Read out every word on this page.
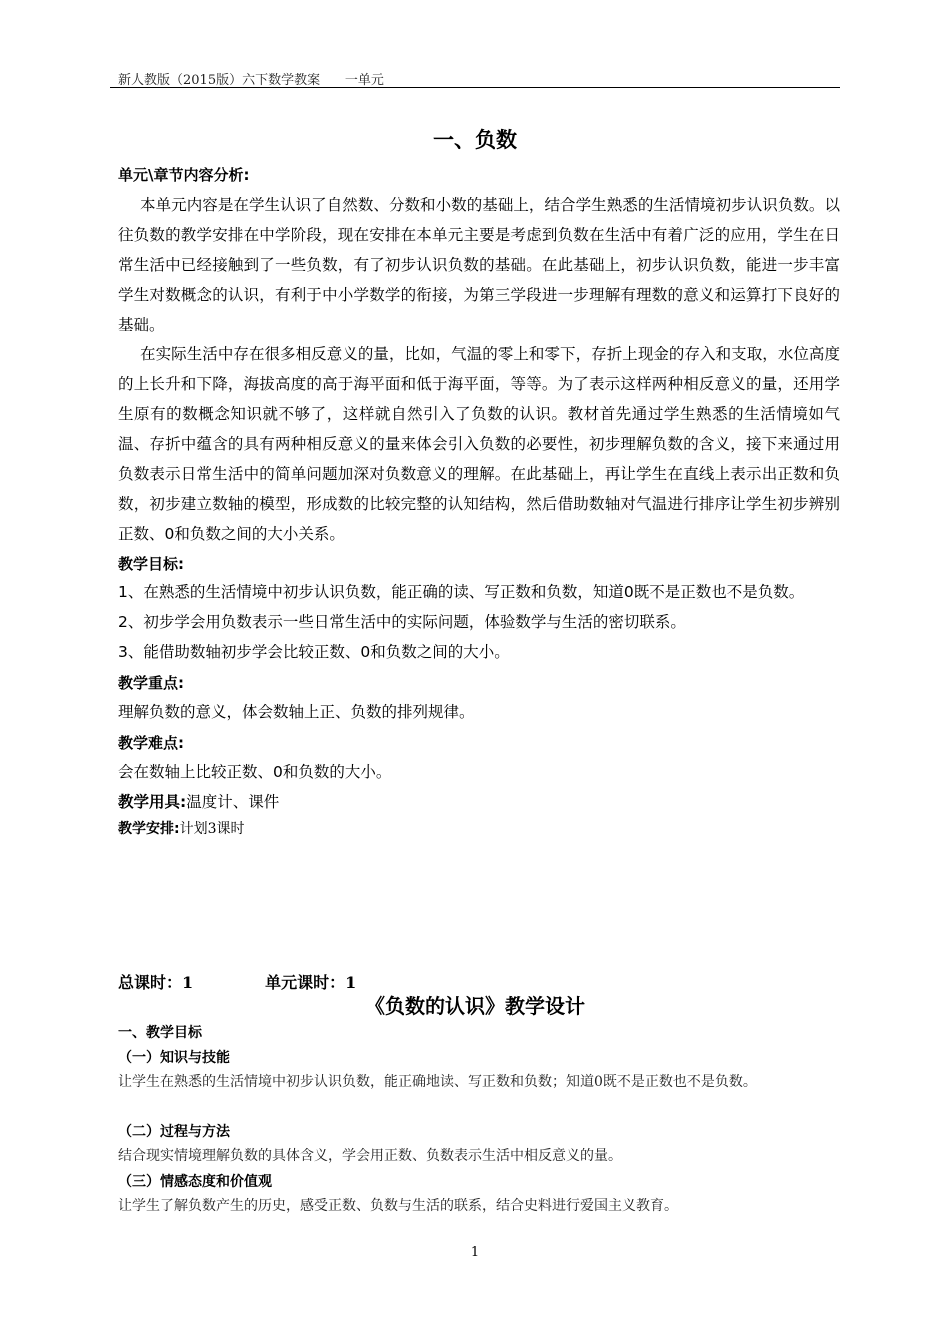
新人教版（2015版）六下数学教案      一单元
一、负数
单元\章节内容分析:
本单元内容是在学生认识了自然数、分数和小数的基础上，结合学生熟悉的生活情境初步认识负数。以往负数的教学安排在中学阶段，现在安排在本单元主要是考虑到负数在生活中有着广泛的应用，学生在日常生活中已经接触到了一些负数，有了初步认识负数的基础。在此基础上，初步认识负数，能进一步丰富学生对数概念的认识，有利于中小学数学的衔接，为第三学段进一步理解有理数的意义和运算打下良好的基础。
在实际生活中存在很多相反意义的量，比如，气温的零上和零下，存折上现金的存入和支取，水位高度的上长升和下降，海拔高度的高于海平面和低于海平面，等等。为了表示这样两种相反意义的量，还用学生原有的数概念知识就不够了，这样就自然引入了负数的认识。教材首先通过学生熟悉的生活情境如气温、存折中蕴含的具有两种相反意义的量来体会引入负数的必要性，初步理解负数的含义，接下来通过用负数表示日常生活中的简单问题加深对负数意义的理解。在此基础上，再让学生在直线上表示出正数和负数，初步建立数轴的模型，形成数的比较完整的认知结构，然后借助数轴对气温进行排序让学生初步辨别正数、0和负数之间的大小关系。
教学目标:
1、在熟悉的生活情境中初步认识负数，能正确的读、写正数和负数，知道0既不是正数也不是负数。
2、初步学会用负数表示一些日常生活中的实际问题，体验数学与生活的密切联系。
3、能借助数轴初步学会比较正数、0和负数之间的大小。
教学重点:
理解负数的意义，体会数轴上正、负数的排列规律。
教学难点:
会在数轴上比较正数、0和负数的大小。
教学用具:温度计、课件
教学安排:计划3课时
总课时：1	单元课时：1
《负数的认识》教学设计
一、教学目标
（一）知识与技能
让学生在熟悉的生活情境中初步认识负数，能正确地读、写正数和负数；知道0既不是正数也不是负数。
（二）过程与方法
结合现实情境理解负数的具体含义，学会用正数、负数表示生活中相反意义的量。
（三）情感态度和价值观
让学生了解负数产生的历史，感受正数、负数与生活的联系，结合史料进行爱国主义教育。
1
